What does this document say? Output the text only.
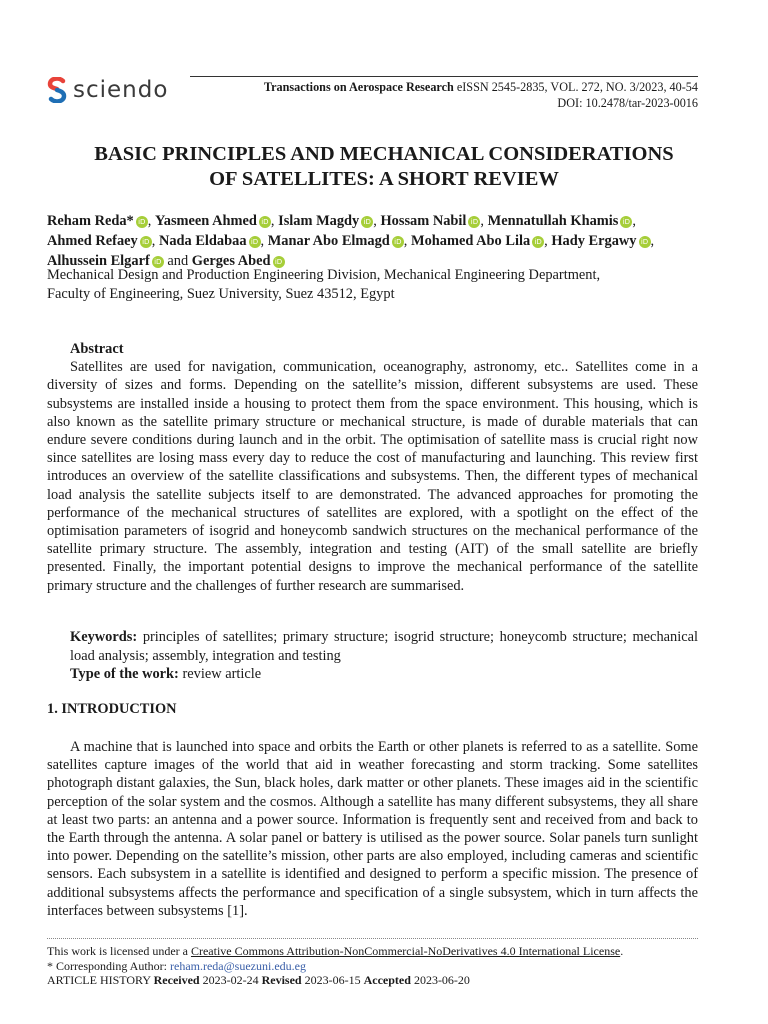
sciendo	Transactions on Aerospace Research eISSN 2545-2835, VOL. 272, NO. 3/2023, 40-54
DOI: 10.2478/tar-2023-0016
BASIC PRINCIPLES AND MECHANICAL CONSIDERATIONS
OF SATELLITES: A SHORT REVIEW
Reham Reda* iD , Yasmeen Ahmed iD , Islam Magdy iD , Hossam Nabil iD , Mennatullah Khamis iD ,
Ahmed Refaey iD , Nada Eldabaa iD , Manar Abo Elmagd iD , Mohamed Abo Lila iD , Hady Ergawy iD ,
Alhussein Elgarf iD and Gerges Abed iD
Mechanical Design and Production Engineering Division, Mechanical Engineering Department,
Faculty of Engineering, Suez University, Suez 43512, Egypt
Abstract

Satellites are used for navigation, communication, oceanography, astronomy, etc.. Satellites come in a diversity of sizes and forms. Depending on the satellite’s mission, different subsystems are used. These subsystems are installed inside a housing to protect them from the space environment. This housing, which is also known as the satellite primary structure or mechanical structure, is made of durable materials that can endure severe conditions during launch and in the orbit. The optimisation of satellite mass is crucial right now since satellites are losing mass every day to reduce the cost of manufacturing and launching. This review first introduces an overview of the satellite classifications and subsystems. Then, the different types of mechanical load analysis the satellite subjects itself to are demonstrated. The advanced approaches for promoting the performance of the mechanical structures of satellites are explored, with a spotlight on the effect of the optimisation parameters of isogrid and honeycomb sandwich structures on the mechanical performance of the satellite primary structure. The assembly, integration and testing (AIT) of the small satellite are briefly presented. Finally, the important potential designs to improve the mechanical performance of the satellite primary structure and the challenges of further research are summarised.

Keywords: principles of satellites; primary structure; isogrid structure; honeycomb structure; mechanical load analysis; assembly, integration and testing
Type of the work: review article
1. INTRODUCTION

A machine that is launched into space and orbits the Earth or other planets is referred to as a satellite. Some satellites capture images of the world that aid in weather forecasting and storm tracking. Some satellites photograph distant galaxies, the Sun, black holes, dark matter or other planets. These images aid in the scientific perception of the solar system and the cosmos. Although a satellite has many different subsystems, they all share at least two parts: an antenna and a power source. Information is frequently sent and received from and back to the Earth through the antenna. A solar panel or battery is utilised as the power source. Solar panels turn sunlight into power. Depending on the satellite’s mission, other parts are also employed, including cameras and scientific sensors. Each subsystem in a satellite is identified and designed to perform a specific mission. The presence of additional subsystems affects the performance and specification of a single subsystem, which in turn affects the interfaces between subsystems [1].

This work is licensed under a Creative Commons Attribution-NonCommercial-NoDerivatives 4.0 International License.
* Corresponding Author: reham.reda@suezuni.edu.eg
ARTICLE HISTORY Received 2023-02-24 Revised 2023-06-15 Accepted 2023-06-20
